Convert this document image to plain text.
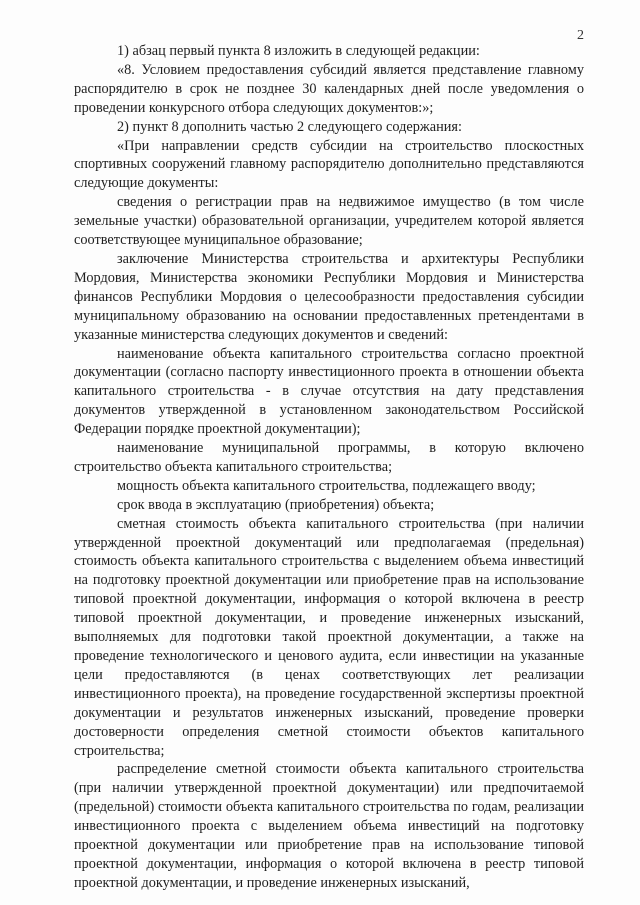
2

1) абзац первый пункта 8 изложить в следующей редакции:

«8. Условием предоставления субсидий является представление главному распорядителю в срок не позднее 30 календарных дней после уведомления о проведении конкурсного отбора следующих документов:»;

2) пункт 8 дополнить частью 2 следующего содержания:

«При направлении средств субсидии на строительство плоскостных спортивных сооружений главному распорядителю дополнительно представляются следующие документы:

сведения о регистрации прав на недвижимое имущество (в том числе земельные участки) образовательной организации, учредителем которой является соответствующее муниципальное образование;

заключение Министерства строительства и архитектуры Республики Мордовия, Министерства экономики Республики Мордовия и Министерства финансов Республики Мордовия о целесообразности предоставления субсидии муниципальному образованию на основании предоставленных претендентами в указанные министерства следующих документов и сведений:

наименование объекта капитального строительства согласно проектной документации (согласно паспорту инвестиционного проекта в отношении объекта капитального строительства - в случае отсутствия на дату представления документов утвержденной в установленном законодательством Российской Федерации порядке проектной документации);

наименование муниципальной программы, в которую включено строительство объекта капитального строительства;

мощность объекта капитального строительства, подлежащего вводу;

срок ввода в эксплуатацию (приобретения) объекта;

сметная стоимость объекта капитального строительства (при наличии утвержденной проектной документаций или предполагаемая (предельная) стоимость объекта капитального строительства с выделением объема инвестиций на подготовку проектной документации или приобретение прав на использование типовой проектной документации, информация о которой включена в реестр типовой проектной документации, и проведение инженерных изысканий, выполняемых для подготовки такой проектной документации, а также на проведение технологического и ценового аудита, если инвестиции на указанные цели предоставляются (в ценах соответствующих лет реализации инвестиционного проекта), на проведение государственной экспертизы проектной документации и результатов инженерных изысканий, проведение проверки достоверности определения сметной стоимости объектов капитального строительства;

распределение сметной стоимости объекта капитального строительства (при наличии утвержденной проектной документации) или предпочитаемой (предельной) стоимости объекта капитального строительства по годам, реализации инвестиционного проекта с выделением объема инвестиций на подготовку проектной документации или приобретение прав на использование типовой проектной документации, информация о которой включена в реестр типовой проектной документации, и проведение инженерных изысканий,
